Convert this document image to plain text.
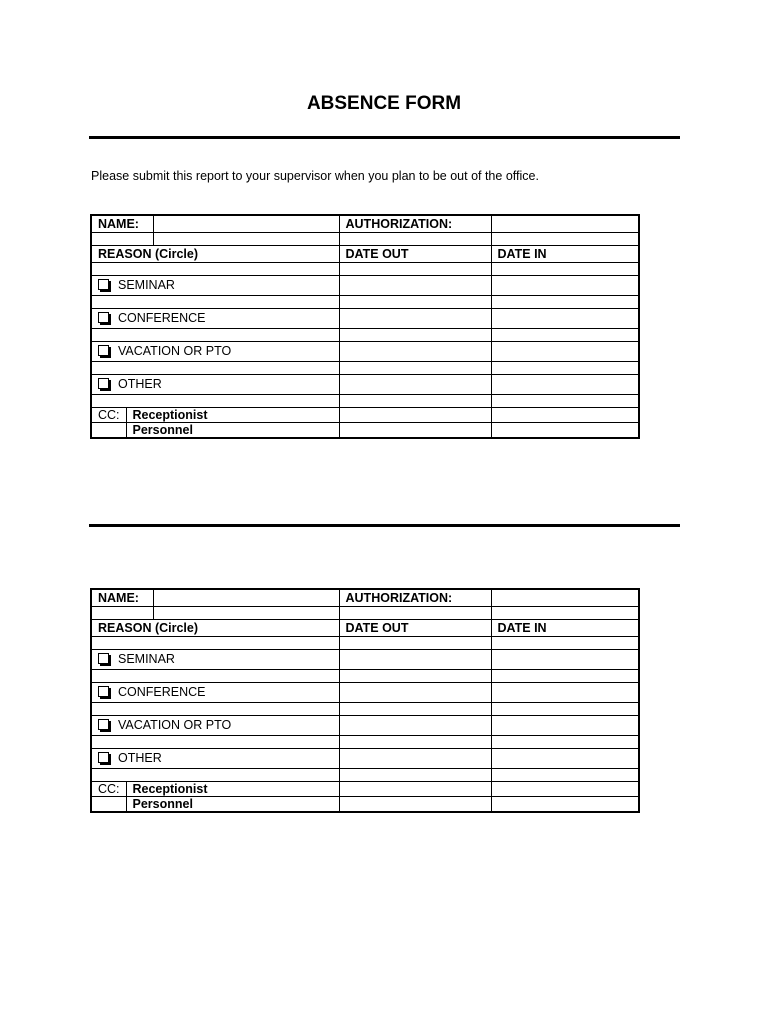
ABSENCE FORM
Please submit this report to your supervisor when you plan to be out of the office.
NAME:			AUTHORIZATION:	

REASON (Circle)			DATE OUT	DATE IN

SEMINAR				

CONFERENCE				

VACATION OR PTO				

OTHER				

CC:	Receptionist			
	Personnel			
NAME:			AUTHORIZATION:	

REASON (Circle)			DATE OUT	DATE IN

SEMINAR				

CONFERENCE				

VACATION OR PTO				

OTHER				

CC:	Receptionist			
	Personnel			
